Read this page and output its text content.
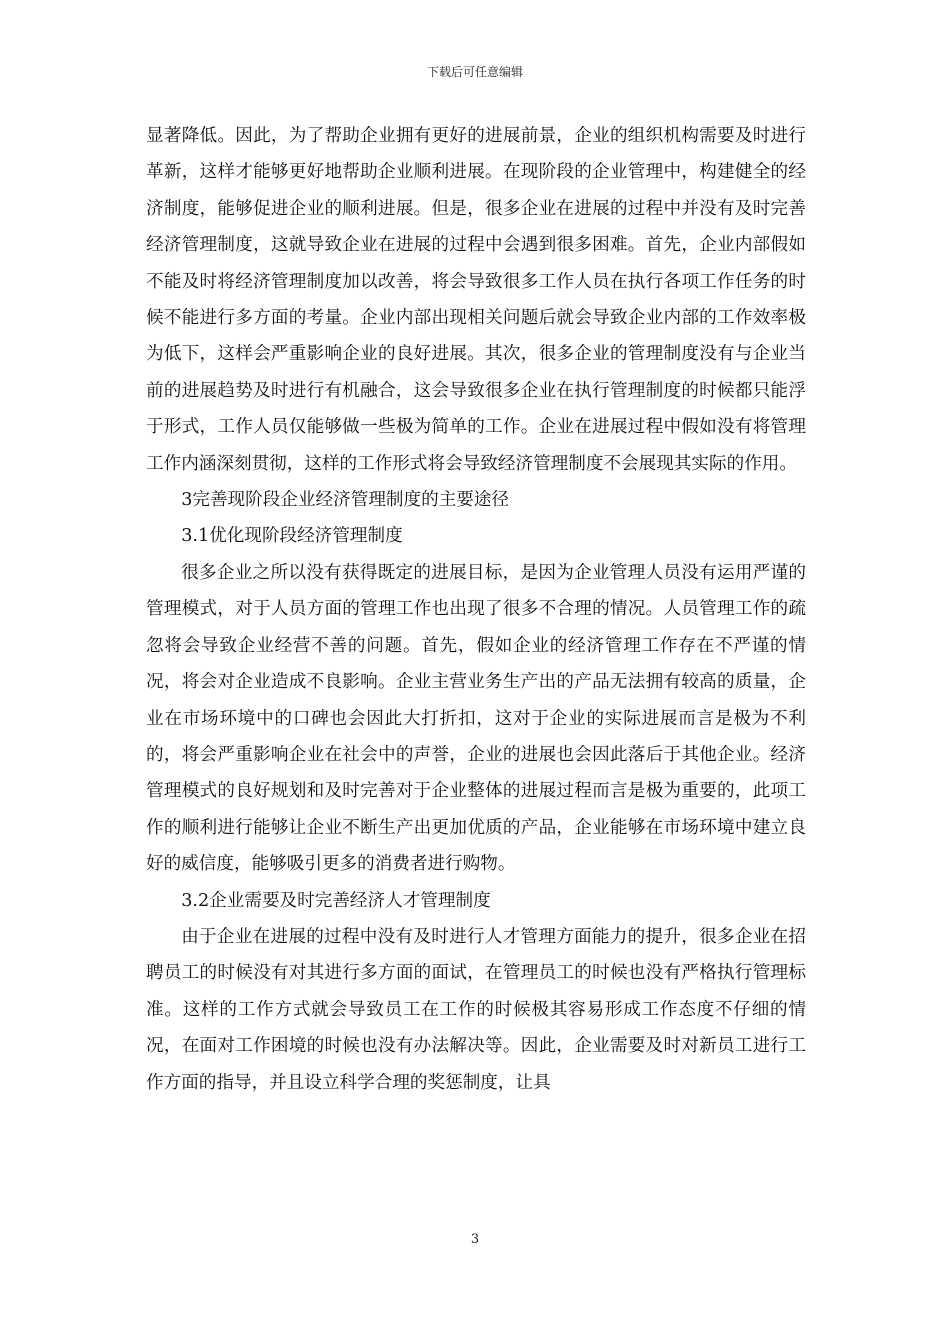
下载后可任意编辑

显著降低。因此，为了帮助企业拥有更好的进展前景，企业的组织机构需要及时进行革新，这样才能够更好地帮助企业顺利进展。在现阶段的企业管理中，构建健全的经济制度，能够促进企业的顺利进展。但是，很多企业在进展的过程中并没有及时完善经济管理制度，这就导致企业在进展的过程中会遇到很多困难。首先，企业内部假如不能及时将经济管理制度加以改善，将会导致很多工作人员在执行各项工作任务的时候不能进行多方面的考量。企业内部出现相关问题后就会导致企业内部的工作效率极为低下，这样会严重影响企业的良好进展。其次，很多企业的管理制度没有与企业当前的进展趋势及时进行有机融合，这会导致很多企业在执行管理制度的时候都只能浮于形式，工作人员仅能够做一些极为简单的工作。企业在进展过程中假如没有将管理工作内涵深刻贯彻，这样的工作形式将会导致经济管理制度不会展现其实际的作用。

3完善现阶段企业经济管理制度的主要途径

3.1优化现阶段经济管理制度

很多企业之所以没有获得既定的进展目标，是因为企业管理人员没有运用严谨的管理模式，对于人员方面的管理工作也出现了很多不合理的情况。人员管理工作的疏忽将会导致企业经营不善的问题。首先，假如企业的经济管理工作存在不严谨的情况，将会对企业造成不良影响。企业主营业务生产出的产品无法拥有较高的质量，企业在市场环境中的口碑也会因此大打折扣，这对于企业的实际进展而言是极为不利的，将会严重影响企业在社会中的声誉，企业的进展也会因此落后于其他企业。经济管理模式的良好规划和及时完善对于企业整体的进展过程而言是极为重要的，此项工作的顺利进行能够让企业不断生产出更加优质的产品，企业能够在市场环境中建立良好的威信度，能够吸引更多的消费者进行购物。

3.2企业需要及时完善经济人才管理制度

由于企业在进展的过程中没有及时进行人才管理方面能力的提升，很多企业在招聘员工的时候没有对其进行多方面的面试，在管理员工的时候也没有严格执行管理标准。这样的工作方式就会导致员工在工作的时候极其容易形成工作态度不仔细的情况，在面对工作困境的时候也没有办法解决等。因此，企业需要及时对新员工进行工作方面的指导，并且设立科学合理的奖惩制度，让具

3
